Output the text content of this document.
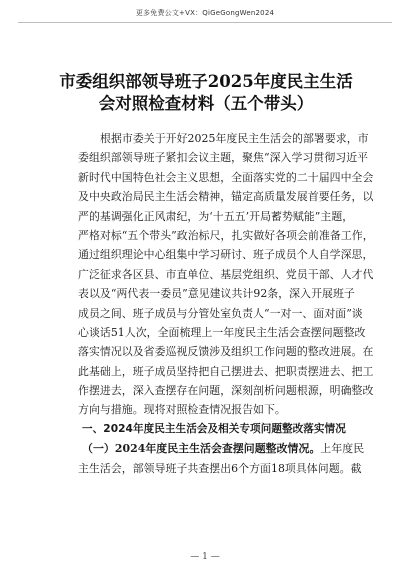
更多免费公文+VX：QiGeGongWen2024
市委组织部领导班子2025年度民主生活
会对照检查材料（五个带头）
根据市委关于开好2025年度民主生活会的部署要求，市
委组织部领导班子紧扣会议主题，聚焦“深入学习贯彻习近平
新时代中国特色社会主义思想，全面落实党的二十届四中全会
及中央政治局民主生活会精神，锚定高质量发展首要任务，以
严的基调强化正风肃纪，为‘十五五’开局蓄势赋能”主题，
严格对标“五个带头”政治标尺，扎实做好各项会前准备工作，
通过组织理论中心组集中学习研讨、班子成员个人自学深思，
广泛征求各区县、市直单位、基层党组织、党员干部、人才代
表以及“两代表一委员”意见建议共计92条，深入开展班子
成员之间、班子成员与分管处室负责人“一对一、面对面”谈
心谈话51人次，全面梳理上一年度民主生活会查摆问题整改
落实情况以及省委巡视反馈涉及组织工作问题的整改进展。在
此基础上，班子成员坚持把自己摆进去、把职责摆进去、把工
作摆进去，深入查摆存在问题，深刻剖析问题根源，明确整改
方向与措施。现将对照检查情况报告如下。
一、2024年度民主生活会及相关专项问题整改落实情况
（一）2024年度民主生活会查摆问题整改情况。上年度民
主生活会，部领导班子共查摆出6个方面18项具体问题。截
— 1 —
